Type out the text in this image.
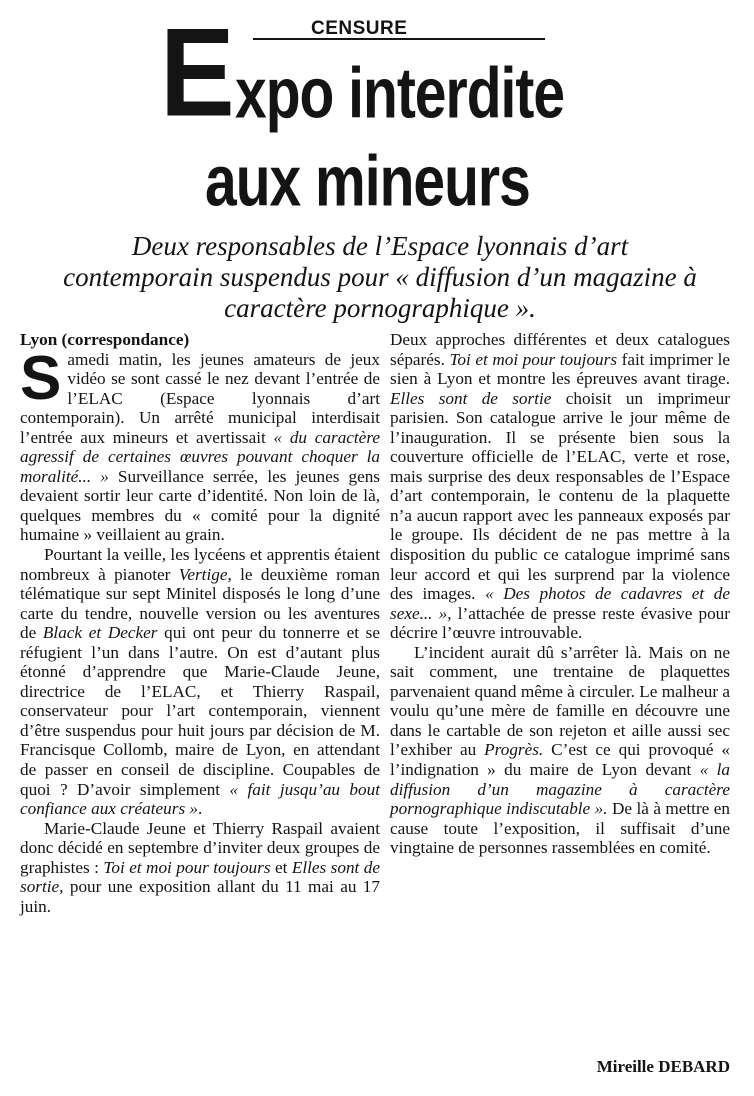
CENSURE
E xpo interdite
aux mineurs

Deux responsables de l’Espace lyonnais d’art contemporain suspendus pour « diffusion d’un magazine à caractère pornographique ».

Lyon (correspondance)

Samedi matin, les jeunes amateurs de jeux vidéo se sont cassé le nez devant l’entrée de l’ELAC (Espace lyonnais d’art contemporain). Un arrêté municipal interdisait l’entrée aux mineurs et avertissait « du caractère agressif de certaines œuvres pouvant choquer la moralité... » Surveillance serrée, les jeunes gens devaient sortir leur carte d’identité. Non loin de là, quelques membres du « comité pour la dignité humaine » veillaient au grain.

Pourtant la veille, les lycéens et apprentis étaient nombreux à pianoter Vertige, le deuxième roman télématique sur sept Minitel disposés le long d’une carte du tendre, nouvelle version ou les aventures de Black et Decker qui ont peur du tonnerre et se réfugient l’un dans l’autre. On est d’autant plus étonné d’apprendre que Marie-Claude Jeune, directrice de l’ELAC, et Thierry Raspail, conservateur pour l’art contemporain, viennent d’être suspendus pour huit jours par décision de M. Francisque Collomb, maire de Lyon, en attendant de passer en conseil de discipline. Coupables de quoi ? D’avoir simplement « fait jusqu’au bout confiance aux créateurs ».

Marie-Claude Jeune et Thierry Raspail avaient donc décidé en septembre d’inviter deux groupes de graphistes : Toi et moi pour toujours et Elles sont de sortie, pour une exposition allant du 11 mai au 17 juin.

Deux approches différentes et deux catalogues séparés. Toi et moi pour toujours fait imprimer le sien à Lyon et montre les épreuves avant tirage. Elles sont de sortie choisit un imprimeur parisien. Son catalogue arrive le jour même de l’inauguration. Il se présente bien sous la couverture officielle de l’ELAC, verte et rose, mais surprise des deux responsables de l’Espace d’art contemporain, le contenu de la plaquette n’a aucun rapport avec les panneaux exposés par le groupe. Ils décident de ne pas mettre à la disposition du public ce catalogue imprimé sans leur accord et qui les surprend par la violence des images. « Des photos de cadavres et de sexe... », l’attachée de presse reste évasive pour décrire l’œuvre introuvable.

L’incident aurait dû s’arrêter là. Mais on ne sait comment, une trentaine de plaquettes parvenaient quand même à circuler. Le malheur a voulu qu’une mère de famille en découvre une dans le cartable de son rejeton et aille aussi sec l’exhiber au Progrès. C’est ce qui provoqué « l’indignation » du maire de Lyon devant « la diffusion d’un magazine à caractère pornographique indiscutable ». De là à mettre en cause toute l’exposition, il suffisait d’une vingtaine de personnes rassemblées en comité.

Mireille DEBARD
